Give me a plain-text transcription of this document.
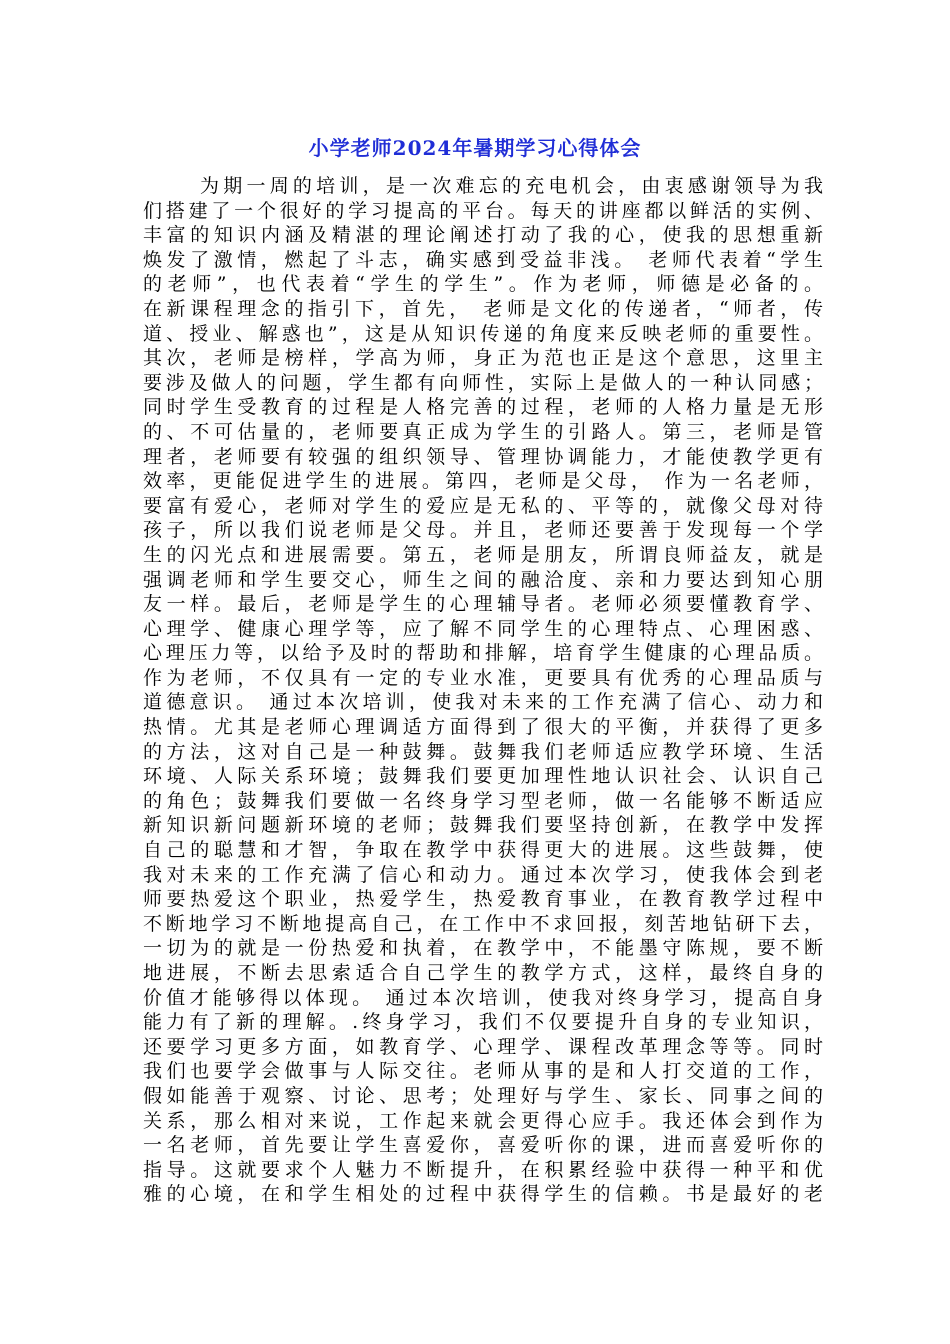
小学老师2024年暑期学习心得体会
为期一周的培训，是一次难忘的充电机会，由衷感谢领导为我
们搭建了一个很好的学习提高的平台。每天的讲座都以鲜活的实例、
丰富的知识内涵及精湛的理论阐述打动了我的心，使我的思想重新
焕发了激情，燃起了斗志，确实感到受益非浅。 老师代表着“学生
的老师”，也代表着“学生的学生”。作为老师，师德是必备的。
在新课程理念的指引下，首先， 老师是文化的传递者，“师者，传
道、授业、解惑也”，这是从知识传递的角度来反映老师的重要性。
其次，老师是榜样，学高为师，身正为范也正是这个意思，这里主
要涉及做人的问题，学生都有向师性，实际上是做人的一种认同感；
同时学生受教育的过程是人格完善的过程，老师的人格力量是无形
的、不可估量的，老师要真正成为学生的引路人。第三，老师是管
理者，老师要有较强的组织领导、管理协调能力，才能使教学更有
效率，更能促进学生的进展。第四，老师是父母， 作为一名老师，
要富有爱心，老师对学生的爱应是无私的、平等的，就像父母对待
孩子，所以我们说老师是父母。并且，老师还要善于发现每一个学
生的闪光点和进展需要。第五，老师是朋友，所谓良师益友，就是
强调老师和学生要交心，师生之间的融洽度、亲和力要达到知心朋
友一样。最后，老师是学生的心理辅导者。老师必须要懂教育学、
心理学、健康心理学等，应了解不同学生的心理特点、心理困惑、
心理压力等，以给予及时的帮助和排解，培育学生健康的心理品质。
作为老师，不仅具有一定的专业水准，更要具有优秀的心理品质与
道德意识。 通过本次培训，使我对未来的工作充满了信心、动力和
热情。尤其是老师心理调适方面得到了很大的平衡，并获得了更多
的方法，这对自己是一种鼓舞。鼓舞我们老师适应教学环境、生活
环境、人际关系环境；鼓舞我们要更加理性地认识社会、认识自己
的角色；鼓舞我们要做一名终身学习型老师，做一名能够不断适应
新知识新问题新环境的老师；鼓舞我们要坚持创新，在教学中发挥
自己的聪慧和才智，争取在教学中获得更大的进展。这些鼓舞，使
我对未来的工作充满了信心和动力。通过本次学习，使我体会到老
师要热爱这个职业，热爱学生，热爱教育事业，在教育教学过程中
不断地学习不断地提高自己，在工作中不求回报，刻苦地钻研下去，
一切为的就是一份热爱和执着，在教学中，不能墨守陈规，要不断
地进展，不断去思索适合自己学生的教学方式，这样，最终自身的
价值才能够得以体现。 通过本次培训，使我对终身学习，提高自身
能力有了新的理解。.终身学习，我们不仅要提升自身的专业知识，
还要学习更多方面，如教育学、心理学、课程改革理念等等。同时
我们也要学会做事与人际交往。老师从事的是和人打交道的工作，
假如能善于观察、讨论、思考；处理好与学生、家长、同事之间的
关系，那么相对来说，工作起来就会更得心应手。我还体会到作为
一名老师，首先要让学生喜爱你，喜爱听你的课，进而喜爱听你的
指导。这就要求个人魅力不断提升，在积累经验中获得一种平和优
雅的心境，在和学生相处的过程中获得学生的信赖。书是最好的老
